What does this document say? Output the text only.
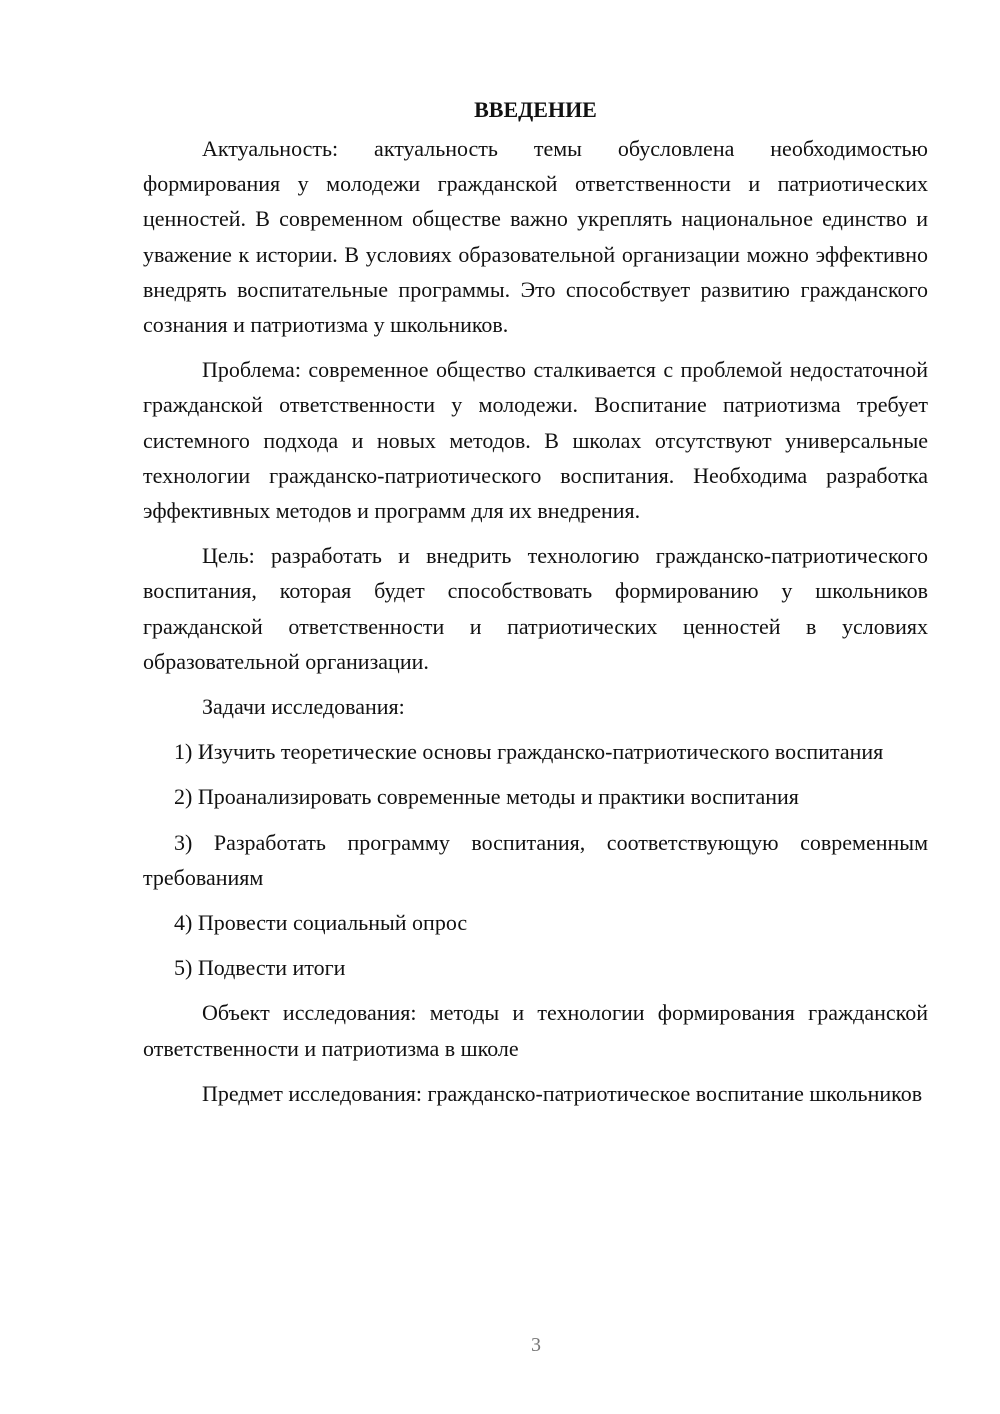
ВВЕДЕНИЕ

Актуальность: актуальность темы обусловлена необходимостью формирования у молодежи гражданской ответственности и патриотических ценностей. В современном обществе важно укреплять национальное единство и уважение к истории. В условиях образовательной организации можно эффективно внедрять воспитательные программы. Это способствует развитию гражданского сознания и патриотизма у школьников.

Проблема: современное общество сталкивается с проблемой недостаточной гражданской ответственности у молодежи. Воспитание патриотизма требует системного подхода и новых методов. В школах отсутствуют универсальные технологии гражданско-патриотического воспитания. Необходима разработка эффективных методов и программ для их внедрения.

Цель: разработать и внедрить технологию гражданско-патриотического воспитания, которая будет способствовать формированию у школьников гражданской ответственности и патриотических ценностей в условиях образовательной организации.

Задачи исследования:

1) Изучить теоретические основы гражданско-патриотического воспитания

2) Проанализировать современные методы и практики воспитания

3) Разработать программу воспитания, соответствующую современным требованиям

4) Провести социальный опрос

5) Подвести итоги

Объект исследования: методы и технологии формирования гражданской ответственности и патриотизма в школе

Предмет исследования: гражданско-патриотическое воспитание школьников

3
